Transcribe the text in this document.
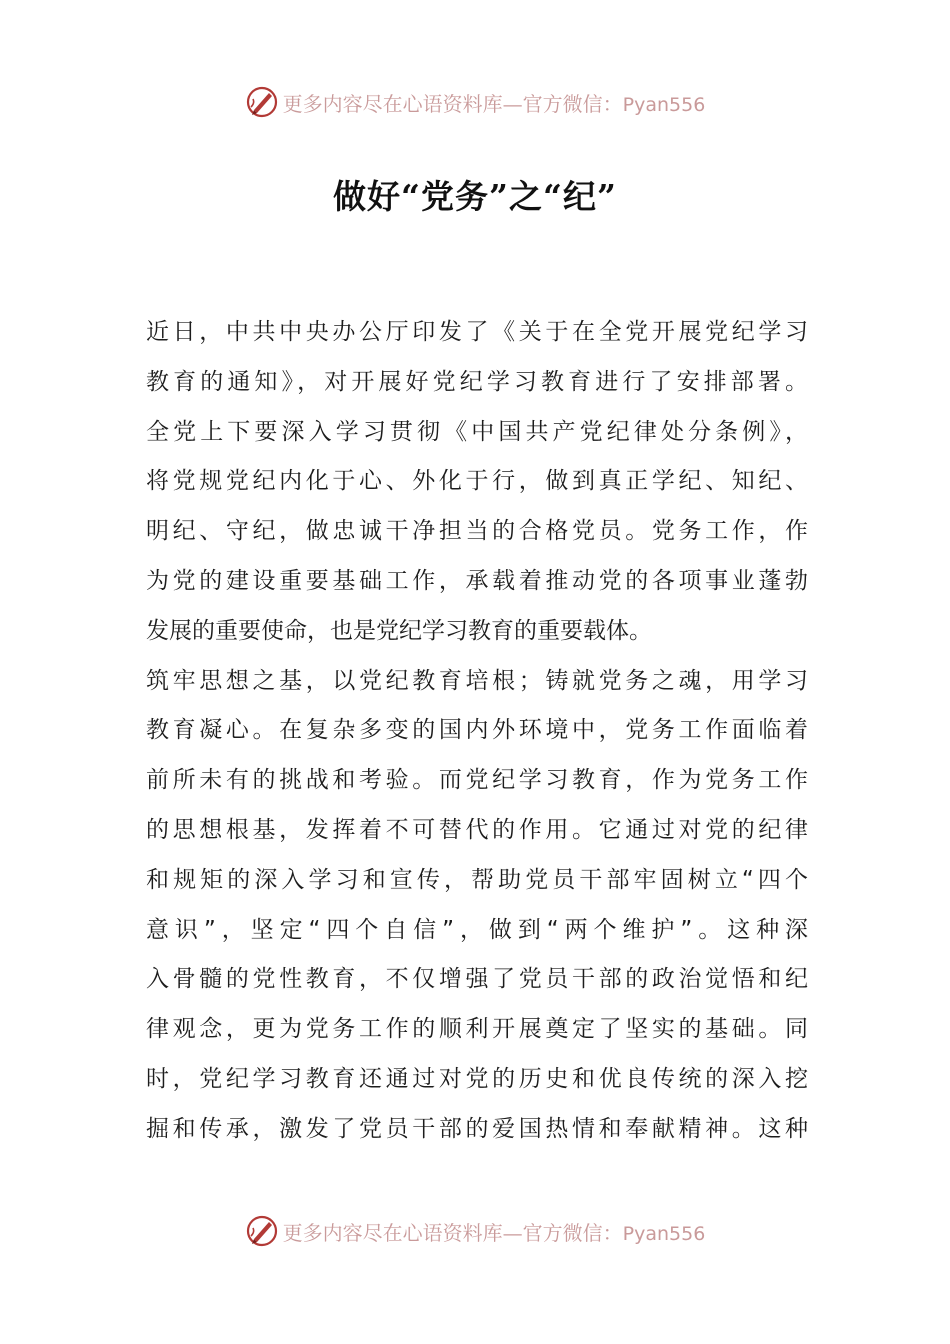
更多内容尽在心语资料库—官方微信：Pyan556
做好“党务”之“纪”
近日，中共中央办公厅印发了《关于在全党开展党纪学习
教育的通知》，对开展好党纪学习教育进行了安排部署。
全党上下要深入学习贯彻《中国共产党纪律处分条例》，
将党规党纪内化于心、外化于行，做到真正学纪、知纪、
明纪、守纪，做忠诚干净担当的合格党员。党务工作，作
为党的建设重要基础工作，承载着推动党的各项事业蓬勃
发展的重要使命，也是党纪学习教育的重要载体。
筑牢思想之基，以党纪教育培根；铸就党务之魂，用学习
教育凝心。在复杂多变的国内外环境中，党务工作面临着
前所未有的挑战和考验。而党纪学习教育，作为党务工作
的思想根基，发挥着不可替代的作用。它通过对党的纪律
和规矩的深入学习和宣传，帮助党员干部牢固树立“四个
意识”，坚定“四个自信”，做到“两个维护”。这种深
入骨髓的党性教育，不仅增强了党员干部的政治觉悟和纪
律观念，更为党务工作的顺利开展奠定了坚实的基础。同
时，党纪学习教育还通过对党的历史和优良传统的深入挖
掘和传承，激发了党员干部的爱国热情和奉献精神。这种
更多内容尽在心语资料库—官方微信：Pyan556
